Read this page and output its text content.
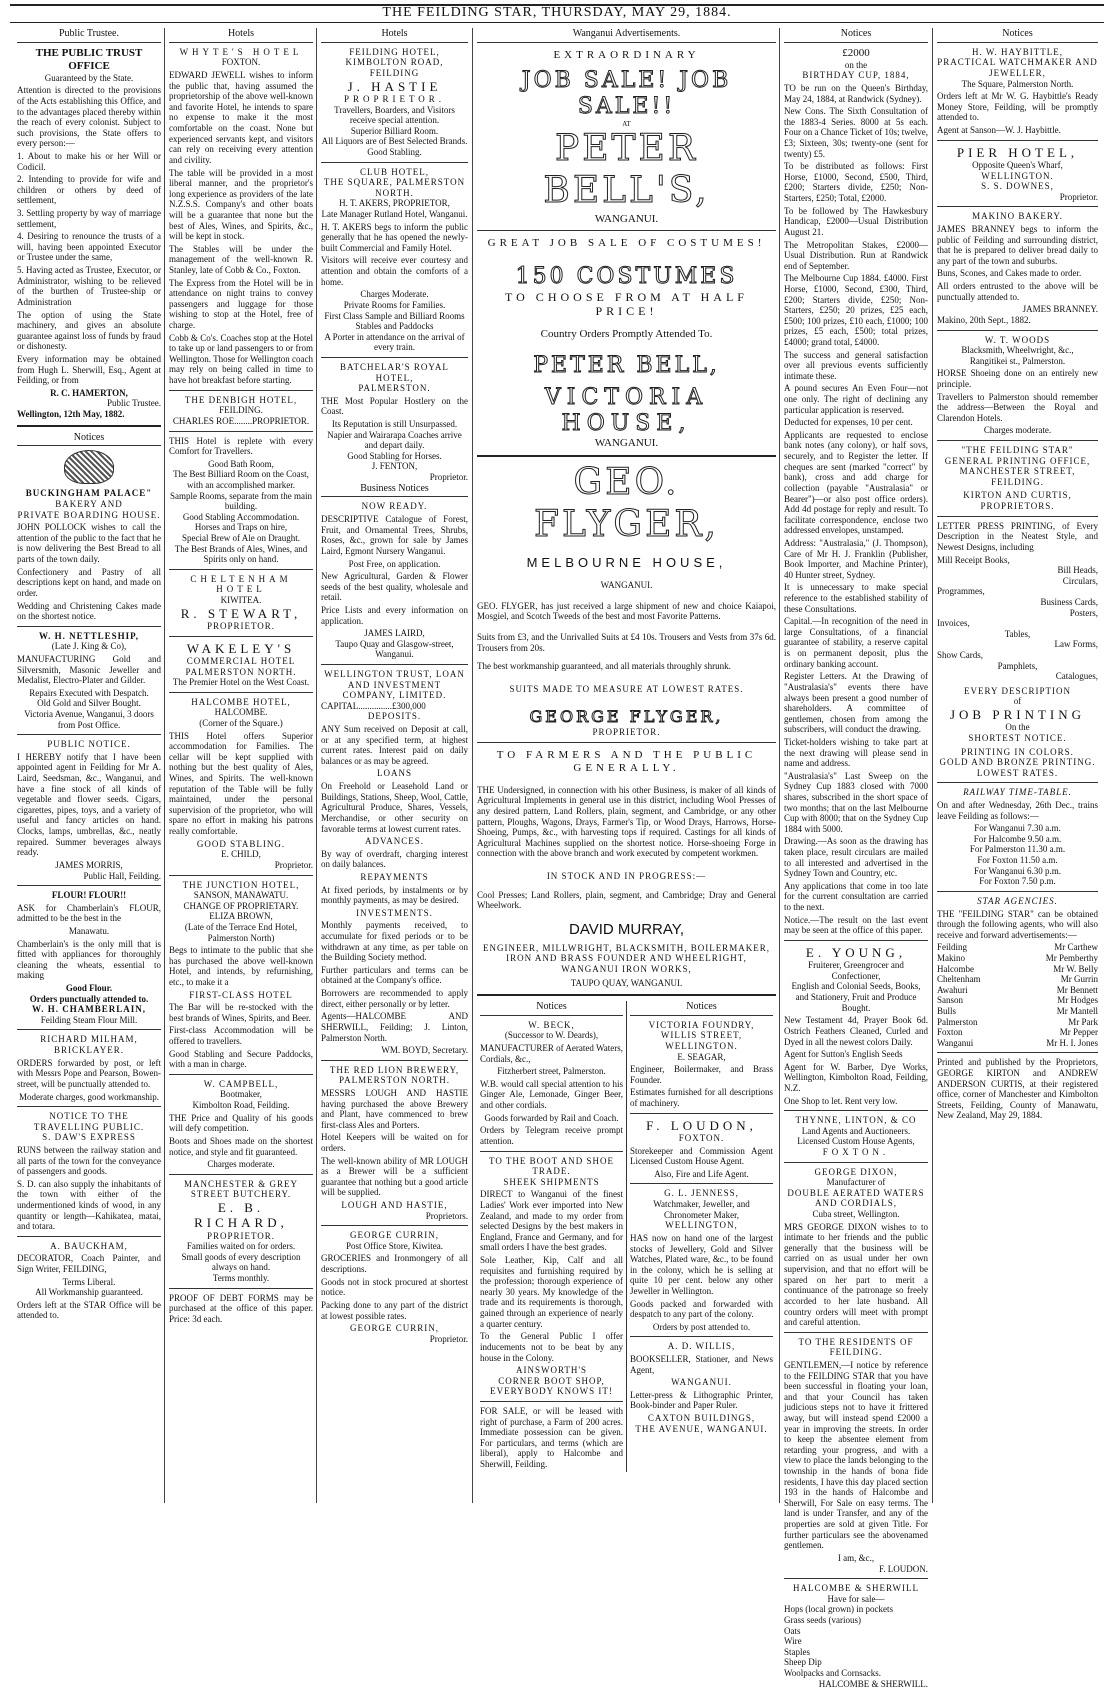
THE FEILDING STAR, THURSDAY, MAY 29, 1884.
Public Trustee.
THE PUBLIC TRUST OFFICE
Guaranteed by the State.

Attention is directed to the provisions of the Acts establishing this Office, and to the advantages placed thereby within the reach of every colonist. Subject to such provisions, the State offers to every person:—

1. About to make his or her Will or Codicil.

2. Intending to provide for wife and children or others by deed of settlement,

3. Settling property by way of marriage settlement,

4. Desiring to renounce the trusts of a will, having been appointed Executor or Trustee under the same,

5. Having acted as Trustee, Executor, or Administrator, wishing to be relieved of the burthen of Trustee-ship or Administration

The option of using the State machinery, and gives an absolute guarantee against loss of funds by fraud or dishonesty.

Every information may be obtained from Hugh L. Sherwill, Esq., Agent at Feilding, or from

R. C. HAMERTON,
Public Trustee.
Wellington, 12th May, 1882.
Notices
BUCKINGHAM PALACE"
BAKERY AND
PRIVATE BOARDING HOUSE.

JOHN POLLOCK wishes to call the attention of the public to the fact that he is now delivering the Best Bread to all parts of the town daily.

Confectionery and Pastry of all descriptions kept on hand, and made on order.

Wedding and Christening Cakes made on the shortest notice.

W. H. NETTLESHIP,
(Late J. King & Co),

MANUFACTURING Gold and Silversmith, Masonic Jeweller and Medalist, Electro-Plater and Gilder.

Repairs Executed with Despatch.
Old Gold and Silver Bought.
Victoria Avenue, Wanganui, 3 doors from Post Office.
PUBLIC NOTICE.

I HEREBY notify that I have been appointed agent in Feilding for Mr A. Laird, Seedsman, &c., Wanganui, and have a fine stock of all kinds of vegetable and flower seeds. Cigars, cigarettes, pipes, toys, and a variety of useful and fancy articles on hand. Clocks, lamps, umbrellas, &c., neatly repaired. Summer beverages always ready.

JAMES MORRIS,
Public Hall, Feilding.
FLOUR! FLOUR!!

ASK for Chamberlain's FLOUR, admitted to be the best in the

Manawatu.

Chamberlain's is the only mill that is fitted with appliances for thoroughly cleaning the wheats, essential to making

Good Flour.
Orders punctually attended to.
W. H. CHAMBERLAIN,
Feilding Steam Flour Mill.
RICHARD MILHAM,
BRICKLAYER.

ORDERS forwarded by post, or left with Messrs Pope and Pearson, Bowen-street, will be punctually attended to.

Moderate charges, good workmanship.
NOTICE TO THE TRAVELLING PUBLIC.
S. DAW'S EXPRESS

RUNS between the railway station and all parts of the town for the conveyance of passengers and goods.

S. D. can also supply the inhabitants of the town with either of the undermentioned kinds of wood, in any quantity or length—Kahikatea, matai, and totara.

A. BAUCKHAM,

DECORATOR, Coach Painter, and Sign Writer, FEILDING,

Terms Liberal.
All Workmanship guaranteed.

Orders left at the STAR Office will be attended to.

Hotels
WHYTE'S HOTEL
FOXTON.

EDWARD JEWELL wishes to inform the public that, having assumed the proprietorship of the above well-known and favorite Hotel, he intends to spare no expense to make it the most comfortable on the coast. None but experienced servants kept, and visitors can rely on receiving every attention and civility.

The table will be provided in a most liberal manner, and the proprietor's long experience as providers of the late N.Z.S.S. Company's and other boats will be a guarantee that none but the best of Ales, Wines, and Spirits, &c., will be kept in stock.

The Stables will be under the management of the well-known R. Stanley, late of Cobb & Co., Foxton.

The Express from the Hotel will be in attendance on night trains to convey passengers and luggage for those wishing to stop at the Hotel, free of charge.

Cobb & Co's. Coaches stop at the Hotel to take up or land passengers to or from Wellington. Those for Wellington coach may rely on being called in time to have hot breakfast before starting.

THE DENBIGH HOTEL,
FEILDING.
CHARLES ROE........PROPRIETOR.

THIS Hotel is replete with every Comfort for Travellers.

Good Bath Room,
The Best Billiard Room on the Coast, with an accomplished marker.
Sample Rooms, separate from the main building.
Good Stabling Accommodation.
Horses and Traps on hire,
Special Brew of Ale on Draught.
The Best Brands of Ales, Wines, and Spirits only on hand.
CHELTENHAM HOTEL
KIWITEA.
R. STEWART,
PROPRIETOR.
WAKELEY'S
COMMERCIAL HOTEL
PALMERSTON NORTH.
The Premier Hotel on the West Coast.
HALCOMBE HOTEL,
HALCOMBE.
(Corner of the Square.)

THIS Hotel offers Superior accommodation for Families. The cellar will be kept supplied with nothing but the best quality of Ales, Wines, and Spirits. The well-known reputation of the Table will be fully maintained, under the personal supervision of the proprietor, who will spare no effort in making his patrons really comfortable.

GOOD STABLING.
E. CHILD,
Proprietor.
THE JUNCTION HOTEL,
SANSON, MANAWATU.
CHANGE OF PROPRIETARY.
ELIZA BROWN,
(Late of the Terrace End Hotel, Palmerston North)

Begs to intimate to the public that she has purchased the above well-known Hotel, and intends, by refurnishing, etc., to make it a

FIRST-CLASS HOTEL

The Bar will be re-stocked with the best brands of Wines, Spirits, and Beer.

First-class Accommodation will be offered to travellers.

Good Stabling and Secure Paddocks, with a man in charge.

W. CAMPBELL,
Bootmaker,
Kimbolton Road, Feilding.

THE Price and Quality of his goods will defy competition.

Boots and Shoes made on the shortest notice, and style and fit guaranteed.

Charges moderate.
MANCHESTER & GREY STREET BUTCHERY.
E. B. RICHARD,
PROPRIETOR.
Families waited on for orders.
Small goods of every description always on hand.
Terms monthly.

PROOF OF DEBT FORMS may be purchased at the office of this paper. Price: 3d each.

Hotels
FEILDING HOTEL,
KIMBOLTON ROAD, FEILDING
J. HASTIE
PROPRIETOR.
Travellers, Boarders, and Visitors receive special attention.
Superior Billiard Room.
All Liquors are of Best Selected Brands.
Good Stabling.
CLUB HOTEL,
THE SQUARE, PALMERSTON NORTH.
H. T. AKERS, PROPRIETOR,
Late Manager Rutland Hotel, Wanganui.

H. T. AKERS begs to inform the public generally that he has opened the newly-built Commercial and Family Hotel.

Visitors will receive ever courtesy and attention and obtain the comforts of a home.

Charges Moderate.
Private Rooms for Families.
First Class Sample and Billiard Rooms Stables and Paddocks
A Porter in attendance on the arrival of every train.
BATCHELAR'S ROYAL HOTEL,
PALMERSTON.

THE Most Popular Hostlery on the Coast.

Its Reputation is still Unsurpassed.
Napier and Wairarapa Coaches arrive and depart daily.
Good Stabling for Horses.
J. FENTON,
Proprietor.
Business Notices
NOW READY.

DESCRIPTIVE Catalogue of Forest, Fruit, and Ornamental Trees, Shrubs, Roses, &c., grown for sale by James Laird, Egmont Nursery Wanganui.

Post Free, on application.

New Agricultural, Garden & Flower seeds of the best quality, wholesale and retail.

Price Lists and every information on application.

JAMES LAIRD,
Taupo Quay and Glasgow-street, Wanganui.
WELLINGTON TRUST, LOAN AND INVESTMENT COMPANY, LIMITED.
CAPITAL...............£300,000
DEPOSITS.

ANY Sum received on Deposit at call, or at any specified term, at highest current rates. Interest paid on daily balances or as may be agreed.

LOANS

On Freehold or Leasehold Land or Buildings, Stations, Sheep, Wool, Cattle, Agricultural Produce, Shares, Vessels, Merchandise, or other security on favorable terms at lowest current rates.

ADVANCES.

By way of overdraft, charging interest on daily balances.

REPAYMENTS

At fixed periods, by instalments or by monthly payments, as may be desired.

INVESTMENTS.

Monthly payments received, to accumulate for fixed periods or to be withdrawn at any time, as per table on the Building Society method.

Further particulars and terms can be obtained at the Company's office.

Borrowers are recommended to apply direct, either personally or by letter.

Agents—HALCOMBE AND SHERWILL, Feilding; J. Linton, Palmerston North.

WM. BOYD, Secretary.
THE RED LION BREWERY,
PALMERSTON NORTH.

MESSRS LOUGH AND HASTIE having purchased the above Brewery and Plant, have commenced to brew first-class Ales and Porters.

Hotel Keepers will be waited on for orders.

The well-known ability of MR LOUGH as a Brewer will be a sufficient guarantee that nothing but a good article will be supplied.

LOUGH AND HASTIE,
Proprietors.
GEORGE CURRIN,
Post Office Store, Kiwitea.

GROCERIES and Ironmongery of all descriptions.

Goods not in stock procured at shortest notice.

Packing done to any part of the district at lowest possible rates.

GEORGE CURRIN,
Proprietor.
Wanganui Advertisements.
EXTRAORDINARY
JOB SALE! JOB SALE!!
AT
PETER BELL'S,
WANGANUI.
GREAT JOB SALE OF COSTUMES!
150 COSTUMES
TO CHOOSE FROM AT HALF PRICE!
Country Orders Promptly Attended To.
PETER BELL,
VICTORIA HOUSE,
WANGANUI.
GEO. FLYGER,
MELBOURNE HOUSE,
WANGANUI.

GEO. FLYGER, has just received a large shipment of new and choice Kaiapoi, Mosgiel, and Scotch Tweeds of the best and most Favorite Patterns.

Suits from £3, and the Unrivalled Suits at £4 10s. Trousers and Vests from 37s 6d. Trousers from 20s.

The best workmanship guaranteed, and all materials throughly shrunk.

SUITS MADE TO MEASURE AT LOWEST RATES.
GEORGE FLYGER,
PROPRIETOR.
TO FARMERS AND THE PUBLIC GENERALLY.

THE Undersigned, in connection with his other Business, is maker of all kinds of Agricultural Implements in general use in this district, including Wool Presses of any desired pattern, Land Rollers, plain, segment, and Cambridge, or any other pattern, Ploughs, Wagons, Drays, Farmer's Tip, or Wood Drays, Harrows, Horse-Shoeing, Pumps, &c., with harvesting tops if required. Castings for all kinds of Agricultural Machines supplied on the shortest notice. Horse-shoeing Forge in connection with the above branch and work executed by competent workmen.

IN STOCK AND IN PROGRESS:—

Cool Presses; Land Rollers, plain, segment, and Cambridge; Dray and General Wheelwork.

DAVID MURRAY,
ENGINEER, MILLWRIGHT, BLACKSMITH, BOILERMAKER, IRON AND BRASS FOUNDER AND WHEELRIGHT,
WANGANUI IRON WORKS,
TAUPO QUAY, WANGANUI.
Notices
W. BECK,
(Successor to W. Deards),

MANUFACTURER of Aerated Waters, Cordials, &c.,

Fitzherbert street, Palmerston.

W.B. would call special attention to his Ginger Ale, Lemonade, Ginger Beer, and other cordials.

Goods forwarded by Rail and Coach.

Orders by Telegram receive prompt attention.

TO THE BOOT AND SHOE TRADE.
SHEEK SHIPMENTS

DIRECT to Wanganui of the finest Ladies' Work ever imported into New Zealand, and made to my order from selected Designs by the best makers in England, France and Germany, and for small orders I have the best grades.

Sole Leather, Kip, Calf and all requisites and furnishing required by the profession; thorough experience of nearly 30 years. My knowledge of the trade and its requirements is thorough, gained through an experience of nearly a quarter century.

To the General Public I offer inducements not to be beat by any house in the Colony.

AINSWORTH'S
CORNER BOOT SHOP,
EVERYBODY KNOWS IT!

FOR SALE, or will be leased with right of purchase, a Farm of 200 acres. Immediate possession can be given. For particulars, and terms (which are liberal), apply to Halcombe and Sherwill, Feilding.

Notices
VICTORIA FOUNDRY,
WILLIS STREET,
WELLINGTON.
E. SEAGAR,

Engineer, Boilermaker, and Brass Founder.

Estimates furnished for all descriptions of machinery.

F. LOUDON,
FOXTON.

Storekeeper and Commission Agent Licensed Custom House Agent.

Also, Fire and Life Agent.
G. L. JENNESS,
Watchmaker, Jeweller, and Chronometer Maker,
WELLINGTON,

HAS now on hand one of the largest stocks of Jewellery, Gold and Silver Watches, Plated ware, &c., to be found in the colony, which he is selling at quite 10 per cent. below any other Jeweller in Wellington.

Goods packed and forwarded with despatch to any part of the colony.

Orders by post attended to.
A. D. WILLIS,

BOOKSELLER, Stationer, and News Agent,

WANGANUI.

Letter-press & Lithographic Printer, Book-binder and Paper Ruler.

CAXTON BUILDINGS,
THE AVENUE, WANGANUI.
Notices
£2000
on the
BIRTHDAY CUP, 1884,

TO be run on the Queen's Birthday, May 24, 1884, at Randwick (Sydney).

New Cons. The Sixth Consultation of the 1883-4 Series. 8000 at 5s each. Four on a Chance Ticket of 10s; twelve, £3; Sixteen, 30s; twenty-one (sent for twenty) £5.

To be distributed as follows: First Horse, £1000, Second, £500, Third, £200; Starters divide, £250; Non-Starters, £250; Total, £2000.

To be followed by The Hawkesbury Handicap, £2000—Usual Distribution August 21.

The Metropolitan Stakes, £2000—Usual Distribution. Run at Randwick end of September.

The Melbourne Cup 1884. £4000. First Horse, £1000, Second, £300, Third, £200; Starters divide, £250; Non-Starters, £250; 20 prizes, £25 each, £500; 100 prizes, £10 each, £1000; 100 prizes, £5 each, £500; total prizes, £4000; grand total, £4000.

The success and general satisfaction over all previous events sufficiently intimate these.

A pound secures An Even Four—not one only. The right of declining any particular application is reserved.

Deducted for expenses, 10 per cent.

Applicants are requested to enclose bank notes (any colony), or half sovs, securely, and to Register the letter. If cheques are sent (marked "correct" by bank), cross and add charge for collection (payable "Australasia" or Bearer")—or also post office orders). Add 4d postage for reply and result. To facilitate correspondence, enclose two addressed envelopes, unstamped.

Address: "Australasia," (J. Thompson), Care of Mr H. J. Franklin (Publisher, Book Importer, and Machine Printer), 40 Hunter street, Sydney.

It is unnecessary to make special reference to the established stability of these Consultations.

Capital.—In recognition of the need in large Consultations, of a financial guarantee of stability, a reserve capital is on permanent deposit, plus the ordinary banking account.

Register Letters. At the Drawing of "Australasia's" events there have always been present a good number of shareholders. A committee of gentlemen, chosen from among the subscribers, will conduct the drawing.

Ticket-holders wishing to take part at the next drawing will please send in name and address.

"Australasia's" Last Sweep on the Sydney Cup 1883 closed with 7000 shares, subscribed in the short space of two months; that on the last Melbourne Cup with 8000; that on the Sydney Cup 1884 with 5000.

Drawing.—As soon as the drawing has taken place, result circulars are mailed to all interested and advertised in the Sydney Town and Country, etc.

Any applications that come in too late for the current consultation are carried to the next.

Notice.—The result on the last event may be seen at the office of this paper.

E. YOUNG,
Fruiterer, Greengrocer and Confectioner,
English and Colonial Seeds, Books, and Stationery, Fruit and Produce Bought.

New Testament 4d, Prayer Book 6d. Ostrich Feathers Cleaned, Curled and Dyed in all the newest colors Daily.

Agent for Sutton's English Seeds

Agent for W. Barber, Dye Works, Wellington, Kimbolton Road, Feilding, N.Z.

One Shop to let. Rent very low.

THYNNE, LINTON, & CO
Land Agents and Auctioneers.
Licensed Custom House Agents,
FOXTON.
GEORGE DIXON,
Manufacturer of
DOUBLE AERATED WATERS AND CORDIALS,
Cuba street, Wellington.

MRS GEORGE DIXON wishes to to intimate to her friends and the public generally that the business will be carried on as usual under her own supervision, and that no effort will be spared on her part to merit a continuance of the patronage so freely accorded to her late husband. All country orders will meet with prompt and careful attention.

TO THE RESIDENTS OF FEILDING.

GENTLEMEN,—I notice by reference to the FEILDING STAR that you have been successful in floating your loan, and that your Council has taken judicious steps not to have it frittered away, but will instead spend £2000 a year in improving the streets. In order to keep the absentee element from retarding your progress, and with a view to place the lands belonging to the township in the hands of bona fide residents, I have this day placed section 193 in the hands of Halcombe and Sherwill, For Sale on easy terms. The land is under Transfer, and any of the properties are sold at given Title. For further particulars see the abovenamed gentlemen.

I am, &c.,
F. LOUDON.
HALCOMBE & SHERWILL
Have for sale—
Hops (local grown) in pockets
Grass seeds (various)
Oats
Wire
Staples
Sheep Dip
Woolpacks and Cornsacks.
HALCOMBE & SHERWILL.
Notices
H. W. HAYBITTLE,
PRACTICAL WATCHMAKER AND JEWELLER,
The Square, Palmerston North.

Orders left at Mr W. G. Haybittle's Ready Money Store, Feilding, will be promptly attended to.

Agent at Sanson—W. J. Haybittle.

PIER HOTEL,
Opposite Queen's Wharf,
WELLINGTON.
S. S. DOWNES,
Proprietor.
MAKINO BAKERY.

JAMES BRANNEY begs to inform the public of Feilding and surrounding district, that he is prepared to deliver bread daily to any part of the town and suburbs.

Buns, Scones, and Cakes made to order.

All orders entrusted to the above will be punctually attended to.

JAMES BRANNEY.
Makino, 20th Sept., 1882.
W. T. WOODS
Blacksmith, Wheelwright, &c.,
Rangitikei st., Palmerston.

HORSE Shoeing done on an entirely new principle.

Travellers to Palmerston should remember the address—Between the Royal and Clarendon Hotels.

Charges moderate.
"THE FEILDING STAR"
GENERAL PRINTING OFFICE,
MANCHESTER STREET,
FEILDING.
KIRTON AND CURTIS,
PROPRIETORS.

LETTER PRESS PRINTING, of Every Description in the Neatest Style, and Newest Designs, including

Mill Receipt Books,
Bill Heads,
Circulars,
Programmes,
Business Cards,
Posters,
Invoices,
Tables,
Law Forms,
Show Cards,
Pamphlets,
Catalogues,
EVERY DESCRIPTION
of
JOB PRINTING
On the
SHORTEST NOTICE.
PRINTING IN COLORS.
GOLD AND BRONZE PRINTING.
LOWEST RATES.
RAILWAY TIME-TABLE.

On and after Wednesday, 26th Dec., trains leave Feilding as follows:—

For Wanganui 7.30 a.m.
For Halcombe 9.50 a.m.
For Palmerston 11.30 a.m.
For Foxton 11.50 a.m.
For Wanganui 6.30 p.m.
For Foxton 7.50 p.m.
STAR AGENCIES.

THE "FEILDING STAR" can be obtained through the following agents, who will also receive and forward advertisements:—

Feilding	Mr Carthew
Makino	Mr Pemberthy
Halcombe	Mr W. Belly
Cheltenham	Mr Gurrin
Awahuri	Mr Bennett
Sanson	Mr Hodges
Bulls	Mr Mantell
Palmerston	Mr Park
Foxton	Mr Pepper
Wanganui	Mr H. I. Jones

Printed and published by the Proprietors, GEORGE KIRTON and ANDREW ANDERSON CURTIS, at their registered office, corner of Manchester and Kimbolton Streets, Feilding, County of Manawatu, New Zealand, May 29, 1884.
